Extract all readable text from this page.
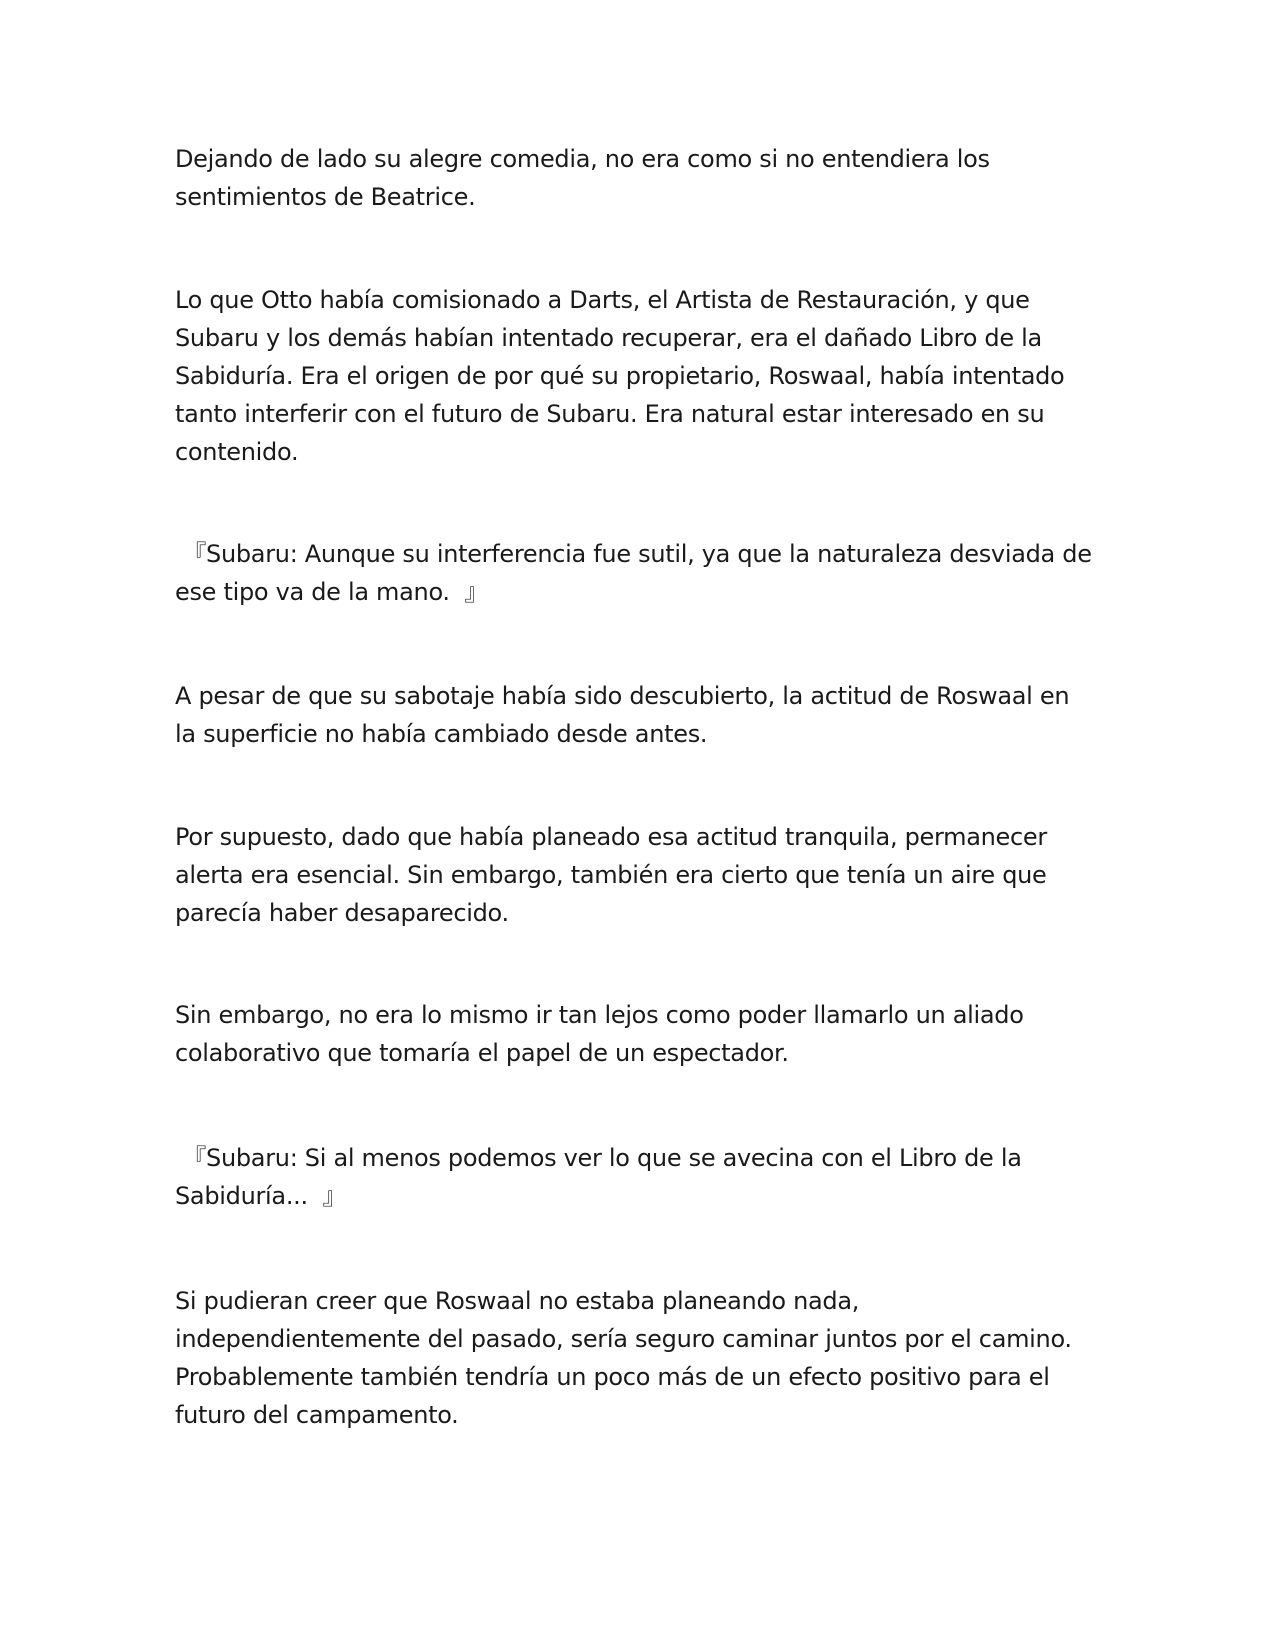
Dejando de lado su alegre comedia, no era como si no entendiera los
sentimientos de Beatrice.

Lo que Otto había comisionado a Darts, el Artista de Restauración, y que
Subaru y los demás habían intentado recuperar, era el dañado Libro de la
Sabiduría. Era el origen de por qué su propietario, Roswaal, había intentado
tanto interferir con el futuro de Subaru. Era natural estar interesado en su
contenido.

『Subaru: Aunque su interferencia fue sutil, ya que la naturaleza desviada de
ese tipo va de la mano.  』

A pesar de que su sabotaje había sido descubierto, la actitud de Roswaal en
la superficie no había cambiado desde antes.

Por supuesto, dado que había planeado esa actitud tranquila, permanecer
alerta era esencial. Sin embargo, también era cierto que tenía un aire que
parecía haber desaparecido.

Sin embargo, no era lo mismo ir tan lejos como poder llamarlo un aliado
colaborativo que tomaría el papel de un espectador.

『Subaru: Si al menos podemos ver lo que se avecina con el Libro de la
Sabiduría...  』

Si pudieran creer que Roswaal no estaba planeando nada,
independientemente del pasado, sería seguro caminar juntos por el camino.
Probablemente también tendría un poco más de un efecto positivo para el
futuro del campamento.
